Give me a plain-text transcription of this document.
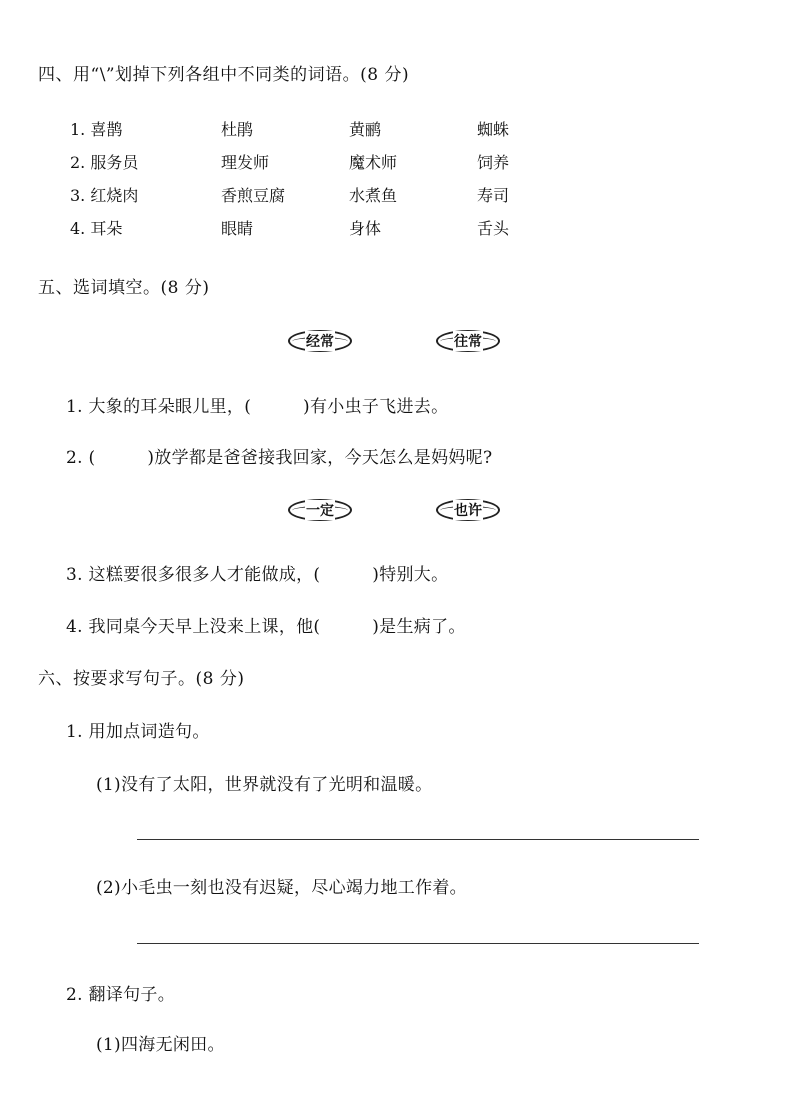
四、用“\”划掉下列各组中不同类的词语。(8 分)
1. 喜鹊	杜鹃	黄鹂	蜘蛛
2. 服务员	理发师	魔术师	饲养
3. 红烧肉	香煎豆腐	水煮鱼	寿司
4. 耳朵	眼睛	身体	舌头
五、选词填空。(8 分)
经常	往常
1. 大象的耳朵眼儿里，(　　　)有小虫子飞进去。
2. (　　　)放学都是爸爸接我回家，今天怎么是妈妈呢?
一定	也许
3. 这糕要很多很多人才能做成，(　　　)特别大。
4. 我同桌今天早上没来上课，他(　　　)是生病了。
六、按要求写句子。(8 分)
1. 用加点词造句。
(1)没有了太阳，世界就没有了光明和温暖。
(2)小毛虫一刻也没有迟疑，尽心竭力地工作着。
2. 翻译句子。
(1)四海无闲田。
